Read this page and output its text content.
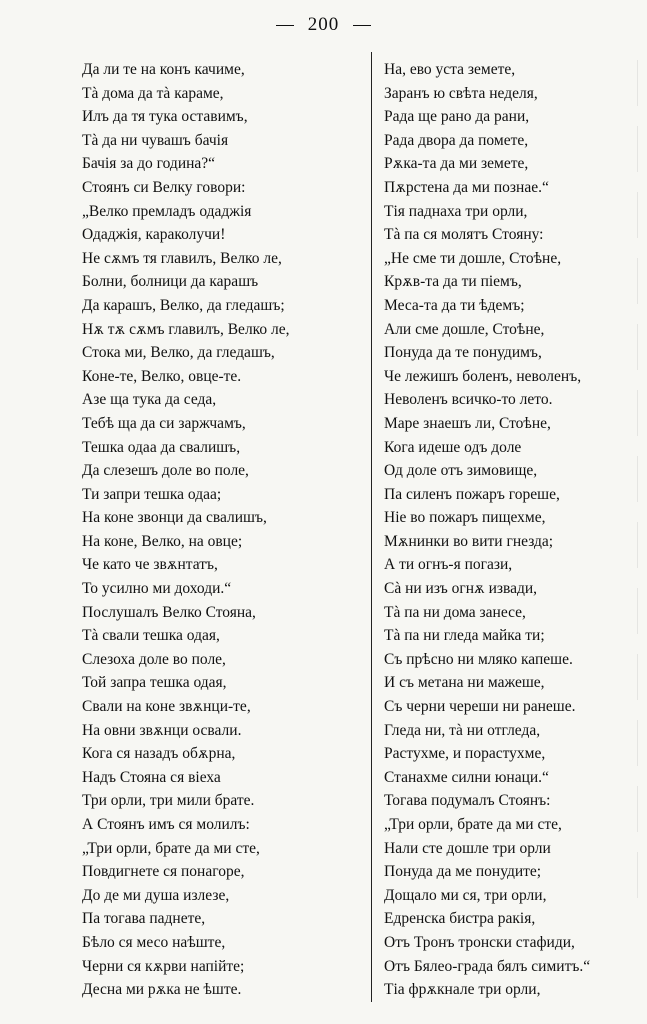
200
Да ли те на конъ качиме,
Тà дома да тà караме,
Илъ да тя тука оставимъ,
Тà да ни чувашъ бачія
Бачія за до година?“
Стоянъ си Велку говори:
„Велко премладъ одаджія
Одаджія, караколучи!
Не сѫмъ тя главилъ, Велко ле,
Болни, болници да карашъ
Да карашъ, Велко, да гледашъ;
Нѫ тѫ сѫмъ главилъ, Велко ле,
Стока ми, Велко, да гледашъ,
Коне-те, Велко, овце-те.
Азе ща тука да седа,
Тебѣ ща да си заржчамъ,
Тешка одаа да свалишъ,
Да слезешъ доле во поле,
Ти запри тешка одаа;
На коне звонци да свалишъ,
На коне, Велко, на овце;
Че като че звѫнтатъ,
То усилно ми доходи.“
Послушалъ Велко Стояна,
Тà свали тешка одая,
Слезоха доле во поле,
Той запра тешка одая,
Свали на коне звѫнци-те,
На овни звѫнци освали.
Кога ся назадъ обѫрна,
Надъ Стояна ся віеха
Три орли, три мили брате.
А Стоянъ имъ ся молилъ:
„Три орли, брате да ми сте,
Повдигнете ся понагоре,
До де ми душа излезе,
Па тогава паднете,
Бѣло ся месо наѣште,
Черни ся кѫрви напійте;
Десна ми рѫка не ѣште.
На, ево уста земете,
Заранъ ю свѣта неделя,
Рада ще рано да рани,
Рада двора да помете,
Рѫка-та да ми земете,
Пѫрстена да ми познае.“
Тія паднаха три орли,
Тà па ся молятъ Стояну:
„Не сме ти дошле, Стоѣне,
Крѫв-та да ти піемъ,
Меса-та да ти ѣдемъ;
Али сме дошле, Стоѣне,
Понуда да те понудимъ,
Че лежишъ боленъ, неволенъ,
Неволенъ всичко-то лето.
Маре знаешъ ли, Стоѣне,
Кога идеше одъ доле
Од доле отъ зимовище,
Па силенъ пожаръ гореше,
Ніе во пожаръ пищехме,
Мѫнинки во вити гнезда;
А ти огнъ-я погази,
Сà ни изъ огнѫ извади,
Тà па ни дома занесе,
Тà па ни гледа майка ти;
Съ прѣсно ни мляко капеше.
И съ метана ни мажеше,
Съ черни череши ни ранеше.
Гледа ни, тà ни отгледа,
Растухме, и порастухме,
Станахме силни юнаци.“
Тогава подумалъ Стоянъ:
„Три орли, брате да ми сте,
Нали сте дошле три орли
Понуда да ме понудите;
Дощало ми ся, три орли,
Едренска бистра ракія,
Отъ Тронъ тронски стафиди,
Отъ Бялео-града бялъ симитъ.“
Тіа фрѫкнале три орли,
